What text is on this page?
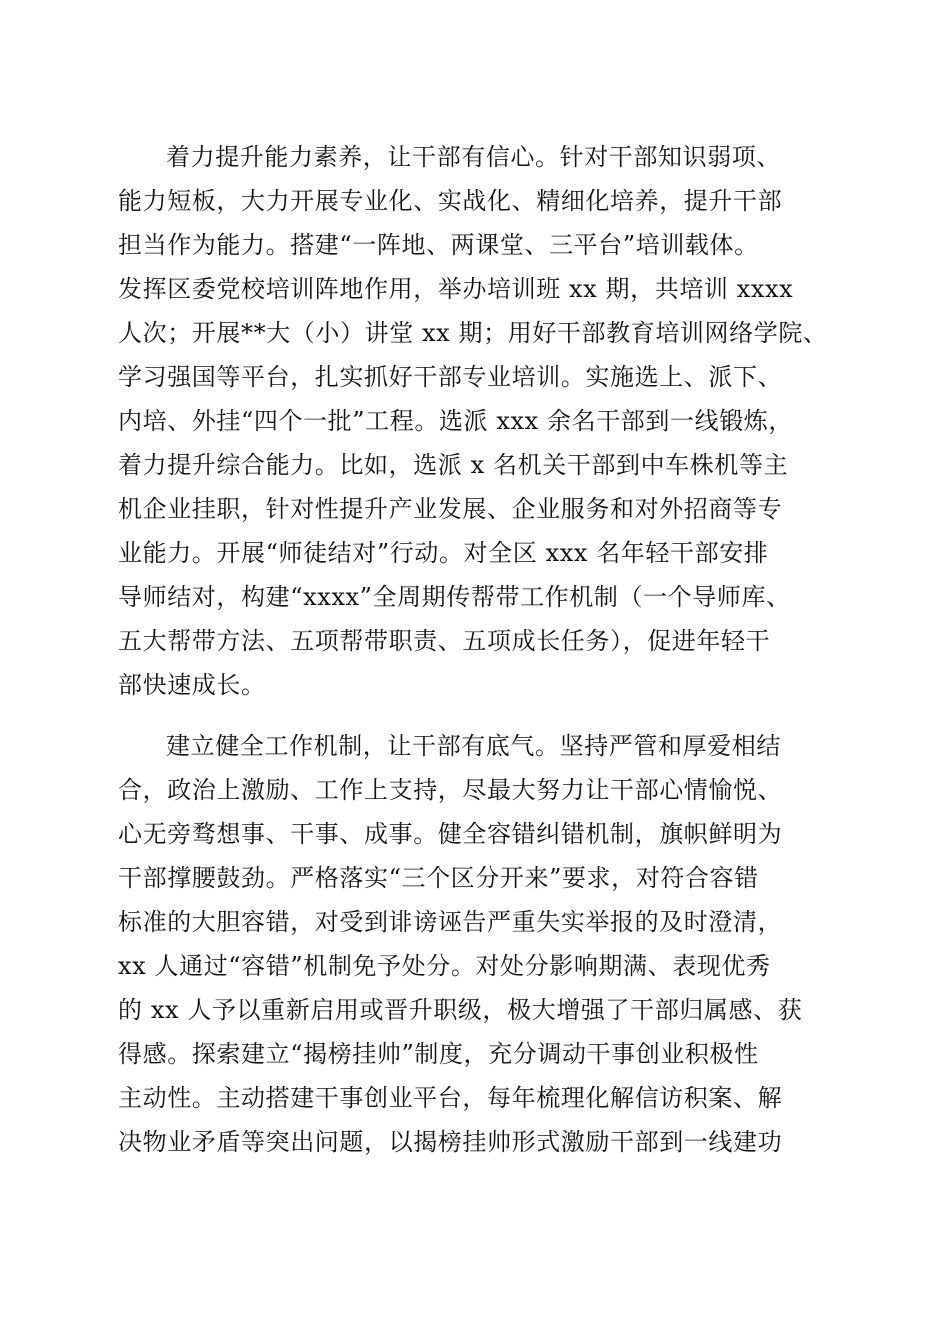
着力提升能力素养，让干部有信心。针对干部知识弱项、
能力短板，大力开展专业化、实战化、精细化培养，提升干部
担当作为能力。搭建“一阵地、两课堂、三平台”培训载体。
发挥区委党校培训阵地作用，举办培训班 xx 期，共培训 xxxx
人次；开展**大（小）讲堂 xx 期；用好干部教育培训网络学院、
学习强国等平台，扎实抓好干部专业培训。实施选上、派下、
内培、外挂“四个一批”工程。选派 xxx 余名干部到一线锻炼，
着力提升综合能力。比如，选派 x 名机关干部到中车株机等主
机企业挂职，针对性提升产业发展、企业服务和对外招商等专
业能力。开展“师徒结对”行动。对全区 xxx 名年轻干部安排
导师结对，构建“xxxx”全周期传帮带工作机制（一个导师库、
五大帮带方法、五项帮带职责、五项成长任务），促进年轻干
部快速成长。
建立健全工作机制，让干部有底气。坚持严管和厚爱相结
合，政治上激励、工作上支持，尽最大努力让干部心情愉悦、
心无旁骛想事、干事、成事。健全容错纠错机制，旗帜鲜明为
干部撑腰鼓劲。严格落实“三个区分开来”要求，对符合容错
标准的大胆容错，对受到诽谤诬告严重失实举报的及时澄清，
xx 人通过“容错”机制免予处分。对处分影响期满、表现优秀
的 xx 人予以重新启用或晋升职级，极大增强了干部归属感、获
得感。探索建立“揭榜挂帅”制度，充分调动干事创业积极性
主动性。主动搭建干事创业平台，每年梳理化解信访积案、解
决物业矛盾等突出问题，以揭榜挂帅形式激励干部到一线建功
